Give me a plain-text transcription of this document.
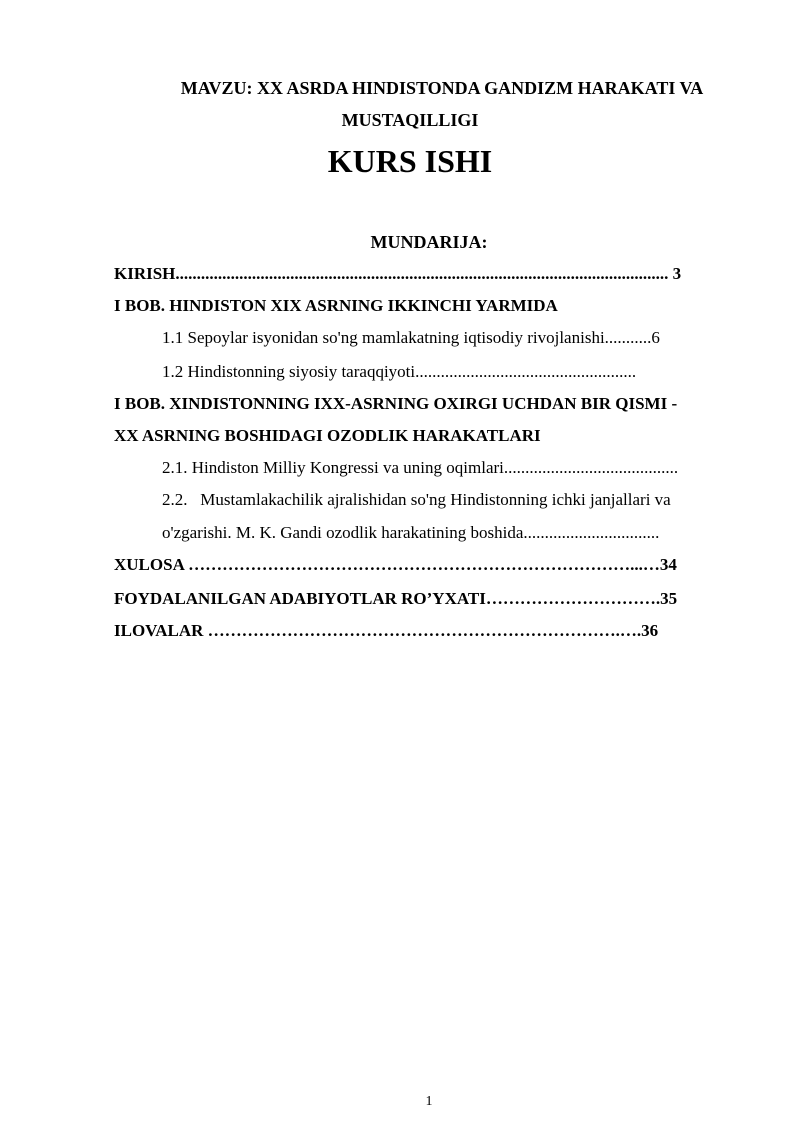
MAVZU: XX ASRDA HINDISTONDA GANDIZM HARAKATI VA
MUSTAQILLIGI
KURS ISHI
MUNDARIJA:
KIRISH.................................................................................................................... 3
I BOB. HINDISTON XIX ASRNING IKKINCHI YARMIDA
1.1 Sepoylar isyonidan so'ng mamlakatning iqtisodiy rivojlanishi...........6
1.2 Hindistonning siyosiy taraqqiyoti....................................................
I BOB. XINDISTONNING IXX-ASRNING OXIRGI UCHDAN BIR QISMI -
XX ASRNING BOSHIDAGI OZODLIK HARAKATLARI
2.1. Hindiston Milliy Kongressi va uning oqimlari.........................................
2.2.   Mustamlakachilik ajralishidan so'ng Hindistonning ichki janjallari va
o'zgarishi. M. K. Gandi ozodlik harakatining boshida................................
XULOSA ……………………………………………………………………...…34
FOYDALANILGAN ADABIYOTLAR RO’YXATI………………………….35
ILOVALAR ……………………………………………………………….….36
1
